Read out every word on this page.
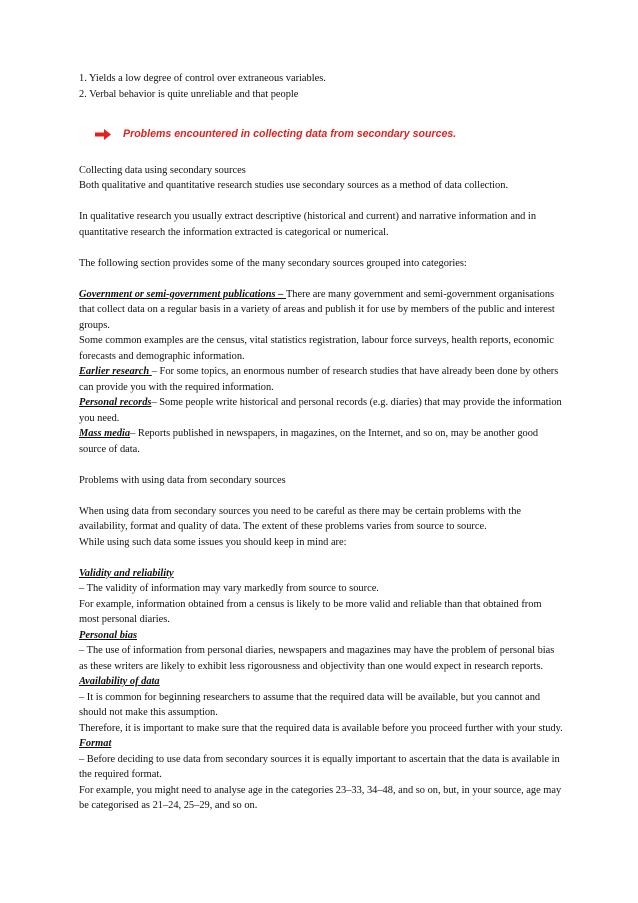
1. Yields a low degree of control over extraneous variables.

2. Verbal behavior is quite unreliable and that people

Problems encountered in collecting data from secondary sources.

Collecting data using secondary sources

Both qualitative and quantitative research studies use secondary sources as a method of data collection.

In qualitative research you usually extract descriptive (historical and current) and narrative information and in quantitative research the information extracted is categorical or numerical.

The following section provides some of the many secondary sources grouped into categories:

Government or semi-government publications – There are many government and semi-government organisations that collect data on a regular basis in a variety of areas and publish it for use by members of the public and interest groups.

Some common examples are the census, vital statistics registration, labour force surveys, health reports, economic forecasts and demographic information.

Earlier research – For some topics, an enormous number of research studies that have already been done by others can provide you with the required information.

Personal records– Some people write historical and personal records (e.g. diaries) that may provide the information you need.

Mass media– Reports published in newspapers, in magazines, on the Internet, and so on, may be another good source of data.

Problems with using data from secondary sources

When using data from secondary sources you need to be careful as there may be certain problems with the availability, format and quality of data. The extent of these problems varies from source to source.

While using such data some issues you should keep in mind are:

Validity and reliability

– The validity of information may vary markedly from source to source.

For example, information obtained from a census is likely to be more valid and reliable than that obtained from most personal diaries.

Personal bias

– The use of information from personal diaries, newspapers and magazines may have the problem of personal bias as these writers are likely to exhibit less rigorousness and objectivity than one would expect in research reports.

Availability of data

– It is common for beginning researchers to assume that the required data will be available, but you cannot and should not make this assumption.

Therefore, it is important to make sure that the required data is available before you proceed further with your study.

Format

– Before deciding to use data from secondary sources it is equally important to ascertain that the data is available in the required format.

For example, you might need to analyse age in the categories 23–33, 34–48, and so on, but, in your source, age may be categorised as 21–24, 25–29, and so on.
